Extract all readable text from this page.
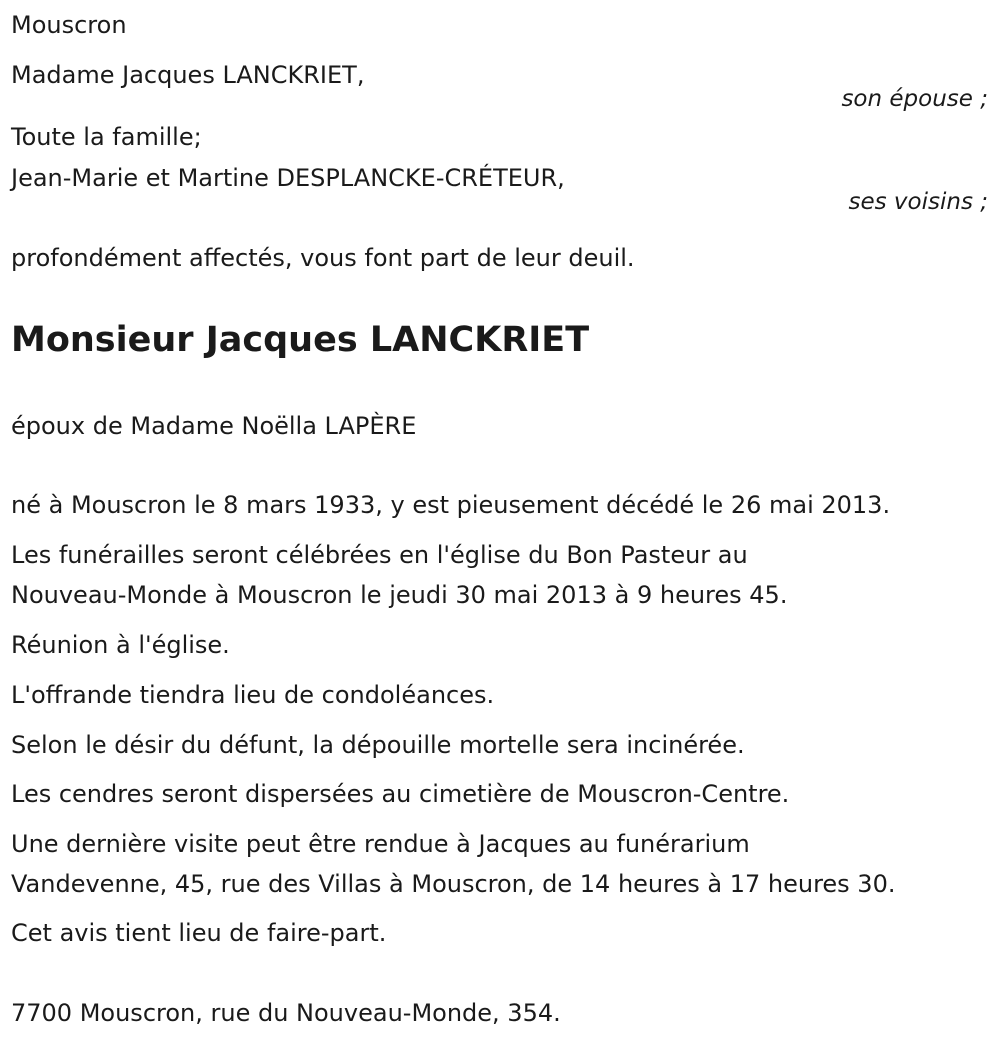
Mouscron
Madame Jacques LANCKRIET,
son épouse ;
Toute la famille;
Jean-Marie et Martine DESPLANCKE-CRÉTEUR,
ses voisins ;
profondément affectés, vous font part de leur deuil.
Monsieur Jacques LANCKRIET
époux de Madame Noëlla LAPÈRE
né à Mouscron le 8 mars 1933, y est pieusement décédé le 26 mai 2013.
Les funérailles seront célébrées en l'église du Bon Pasteur au
Nouveau-Monde à Mouscron le jeudi 30 mai 2013 à 9 heures 45.
Réunion à l'église.
L'offrande tiendra lieu de condoléances.
Selon le désir du défunt, la dépouille mortelle sera incinérée.
Les cendres seront dispersées au cimetière de Mouscron-Centre.
Une dernière visite peut être rendue à Jacques au funérarium
Vandevenne, 45, rue des Villas à Mouscron, de 14 heures à 17 heures 30.
Cet avis tient lieu de faire-part.
7700 Mouscron, rue du Nouveau-Monde, 354.
